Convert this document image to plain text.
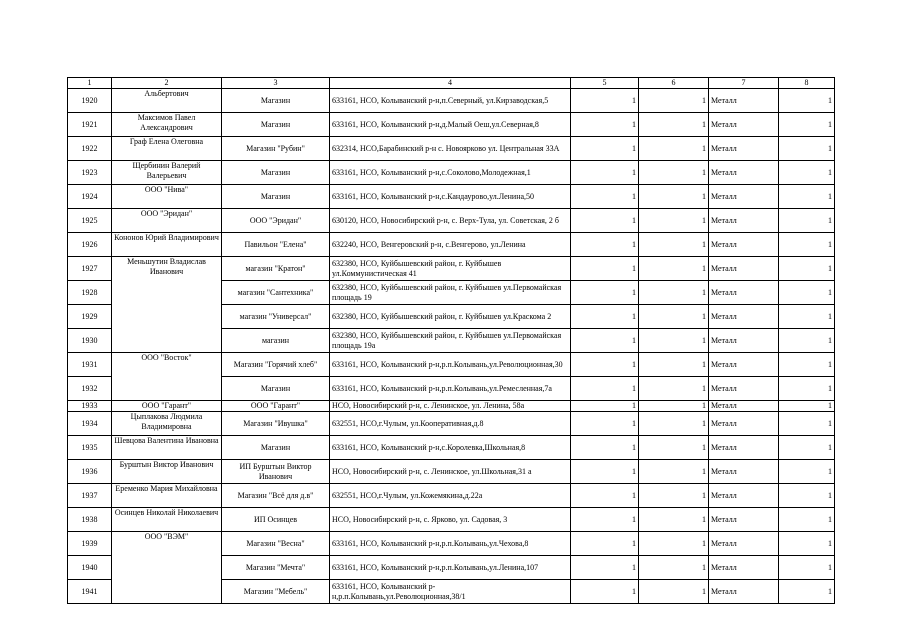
1	2	3	4	5	6	7	8
1920	Альбертович	Магазин	633161, НСО, Колыванский р-н,п.Северный, ул.Кирзаводская,5	1	1	Металл	1
1921	Максимов Павел Александрович	Магазин	633161, НСО, Колыванский р-н,д.Малый Оеш,ул.Северная,8	1	1	Металл	1
1922	Граф Елена Олеговна	Магазин "Рубин"	632314, НСО,Барабинский р-н с. Новоярково ул. Центральная 33А	1	1	Металл	1
1923	Щербинин Валерий Валерьевич	Магазин	633161, НСО, Колыванский р-н,с.Соколово,Молодежная,1	1	1	Металл	1
1924	ООО "Нива"	Магазин	633161, НСО, Колыванский р-н,с.Кандаурово,ул.Ленина,50	1	1	Металл	1
1925	ООО "Эридан"	ООО "Эридан"	630120, НСО, Новосибирский р-н, с. Верх-Тула, ул. Советская, 2 б	1	1	Металл	1
1926	Кононов Юрий Владимирович	Павильон "Елена"	632240, НСО, Венгеровский р-н, с.Венгерово, ул.Ленина	1	1	Металл	1
1927	Меньшутин Владислав Иванович	магазин "Кратон"	632380, НСО, Куйбышевский район, г. Куйбышев ул.Коммунистическая 41	1	1	Металл	1
1928		магазин "Сантехника"	632380, НСО, Куйбышевский район, г. Куйбышев ул.Первомайская площадь 19	1	1	Металл	1
1929		магазин "Универсал"	632380, НСО, Куйбышевский район, г. Куйбышев ул.Краскома 2	1	1	Металл	1
1930		магазин	632380, НСО, Куйбышевский район, г. Куйбышев ул.Первомайская площадь 19а	1	1	Металл	1
1931	ООО "Восток"	Магазин "Горячий хлеб"	633161, НСО, Колыванский р-н,р.п.Колывань,ул.Революционная,30	1	1	Металл	1
1932		Магазин	633161, НСО, Колыванский р-н,р.п.Колывань,ул.Ремесленная,7а	1	1	Металл	1
1933	ООО "Гарант"	ООО "Гарант"	НСО, Новосибирский р-н, с. Ленинское, ул. Ленина, 58а	1	1	Металл	1
1934	Цыплакова Людмила Владимировна	Магазин "Ивушка"	632551, НСО,г.Чулым, ул.Кооперативная,д.8	1	1	Металл	1
1935	Шевцова Валентина Ивановна	Магазин	633161, НСО, Колыванский р-н,с.Королевка,Школьная,8	1	1	Металл	1
1936	Бурштын Виктор Иванович	ИП Бурштын Виктор Иванович	НСО, Новосибирский р-н, с. Ленинское, ул.Школьная,31 а	1	1	Металл	1
1937	Еременко Мария Михайловна	Магазин "Всё для д.в"	632551, НСО,г.Чулым, ул.Кожемякина,д.22а	1	1	Металл	1
1938	Осинцев Николай Николаевич	ИП Осинцев	НСО, Новосибирский р-н, с. Ярково, ул. Садовая, 3	1	1	Металл	1
1939	ООО "ВЭМ"	Магазин "Весна"	633161, НСО, Колыванский р-н,р.п.Колывань,ул.Чехова,8	1	1	Металл	1
1940		Магазин "Мечта"	633161, НСО, Колыванский р-н,р.п.Колывань,ул.Ленина,107	1	1	Металл	1
1941		Магазин "Мебель"	633161, НСО, Колыванский р-н,р.п.Колывань,ул.Революционная,38/1	1	1	Металл	1
